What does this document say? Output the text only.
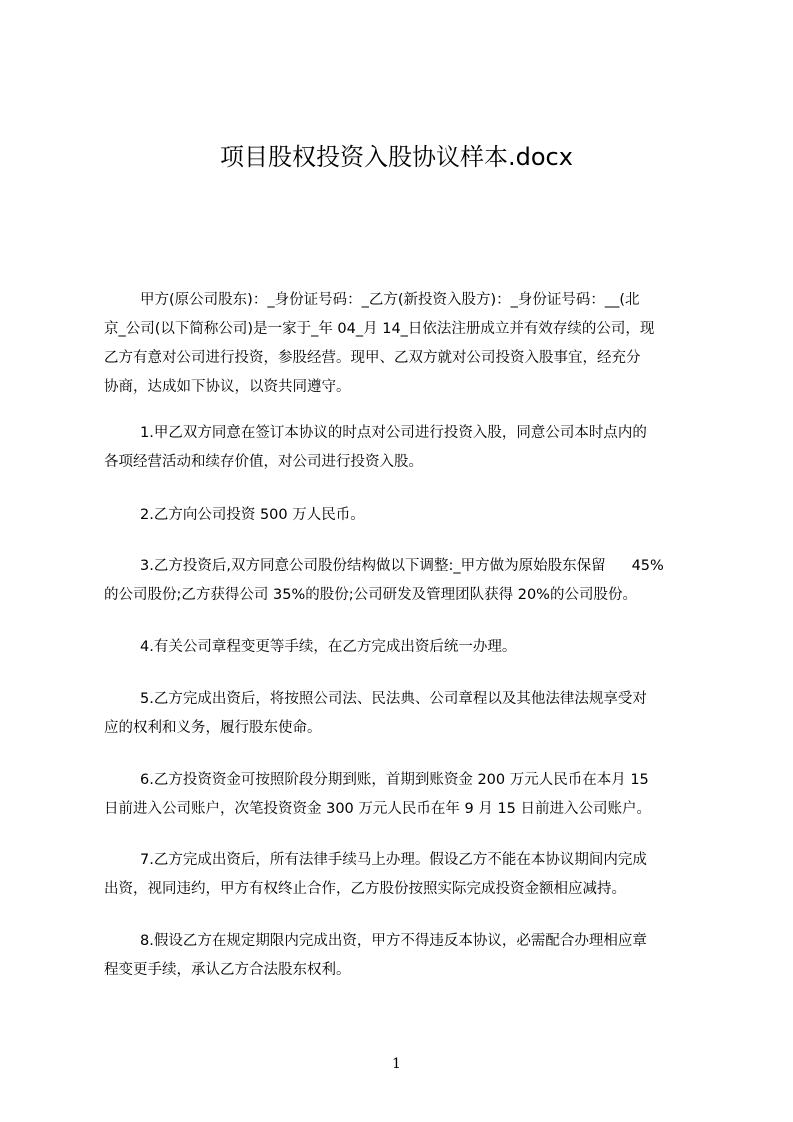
项目股权投资入股协议样本.docx
甲方(原公司股东)：_身份证号码：_乙方(新投资入股方)：_身份证号码：__(北
京_公司(以下简称公司)是一家于_年 04_月 14_日依法注册成立并有效存续的公司，现
乙方有意对公司进行投资，参股经营。现甲、乙双方就对公司投资入股事宜，经充分
协商，达成如下协议，以资共同遵守。
1.甲乙双方同意在签订本协议的时点对公司进行投资入股，同意公司本时点内的
各项经营活动和续存价值，对公司进行投资入股。
2.乙方向公司投资 500 万人民币。
3.乙方投资后,双方同意公司股份结构做以下调整:_甲方做为原始股东保留 45%
的公司股份;乙方获得公司 35%的股份;公司研发及管理团队获得 20%的公司股份。
4.有关公司章程变更等手续，在乙方完成出资后统一办理。
5.乙方完成出资后，将按照公司法、民法典、公司章程以及其他法律法规享受对
应的权利和义务，履行股东使命。
6.乙方投资资金可按照阶段分期到账，首期到账资金 200 万元人民币在本月 15
日前进入公司账户，次笔投资资金 300 万元人民币在年 9 月 15 日前进入公司账户。
7.乙方完成出资后，所有法律手续马上办理。假设乙方不能在本协议期间内完成
出资，视同违约，甲方有权终止合作，乙方股份按照实际完成投资金额相应减持。
8.假设乙方在规定期限内完成出资，甲方不得违反本协议，必需配合办理相应章
程变更手续，承认乙方合法股东权利。
1
